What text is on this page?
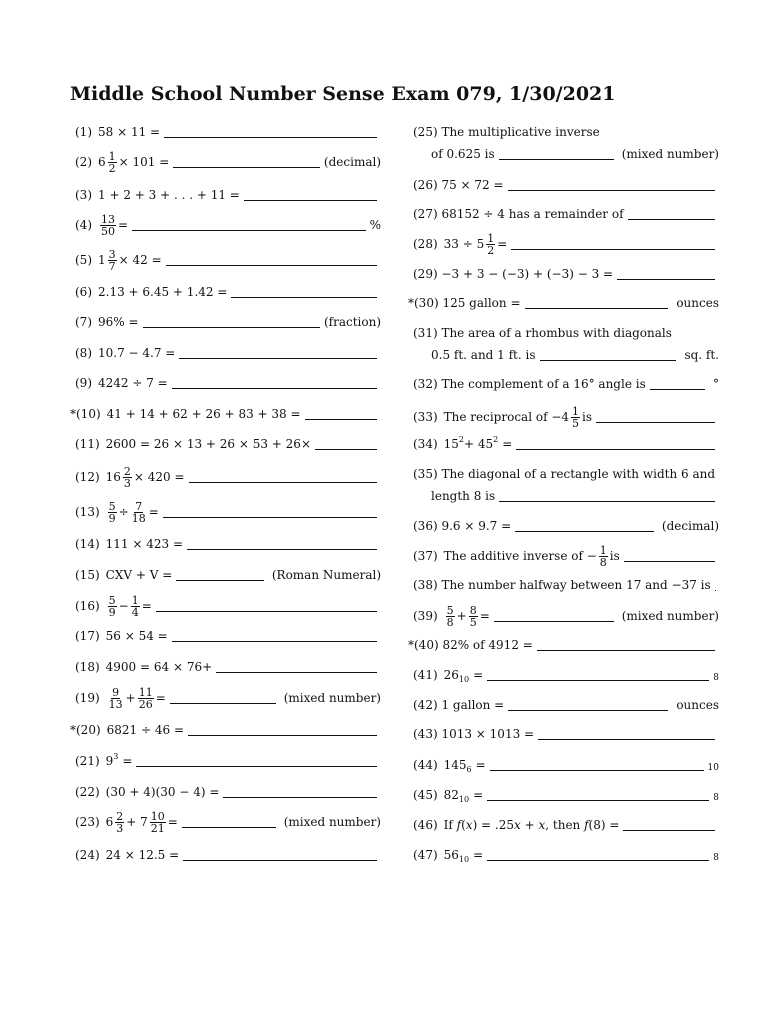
Middle School Number Sense Exam 079, 1/30/2021
(1) 58 × 11 =
(2) $6 \frac{1}{2} \times 101$ =	(decimal)
(3) 1 + 2 + 3 + . . . + 11 =
$(4) \frac{13}{50}$ =	%
(5) $1 \frac{3}{7} \times 42$ =
(6) 2.13 + 6.45 + 1.42 =
(7) 96% =	(fraction)
(8) 10.7 − 4.7 =
(9) 4242 ÷ 7 =
*(10) 41 + 14 + 62 + 26 + 83 + 38 =
(11) 2600 = 26 × 13 + 26 × 53 + 26×
(12) $16 \frac{2}{3} \times 420$ =
$(13) \frac{5}{9} \div \frac{7}{18}$ =
(14) 111 × 423 =
(15) CXV + V =	(Roman Numeral)
$(16) \frac{5}{9} - \frac{1}{4}$ =
(17) 56 × 54 =
(18) 4900 = 64 × 76+
$(19) \frac{9}{13} + \frac{11}{26}$ =	(mixed number)
*(20) 6821 ÷ 46 =
(21) 9 3 =
(22) (30 + 4)(30 − 4) =
(23) $6 \frac{2}{3} + 7 \frac{10}{21}$ =	(mixed number)
(24) 24 × 12.5 =
(25) The multiplicative inverse
of 0.625 is	(mixed number)
(26) 75 × 72 =
(27) 68152 ÷ 4 has a remainder of
(28) $33 \div 5 \frac{1}{2}$ =
(29) −3 + 3 − (−3) + (−3) − 3 =
*(30) 125 gallon =	ounces
(31) The area of a rhombus with diagonals
0.5 ft. and 1 ft. is	sq. ft.
(32) The complement of a 16° angle is	°
(33) The reciprocal of $-4 \frac{1}{5}$ is
(34) 15 2 + 45 2 =
(35) The diagonal of a rectangle with width 6 and
length 8 is
(36) 9.6 × 9.7 =	(decimal)
(37) The additive inverse of − $\frac{1}{8}$ is
(38) The number halfway between 17 and −37 is
$(39) \frac{5}{8} + \frac{8}{5}$ =	(mixed number)
*(40) 82% of 4912 =
(41) 26 10 =	8
(42) 1 gallon =	ounces
(43) 1013 × 1013 =
(44) 145 6 =	10
(45) 82 10 =	8
(46) If f ( x ) = .25 x + x , then f (8) =
(47) 56 10 =	8
